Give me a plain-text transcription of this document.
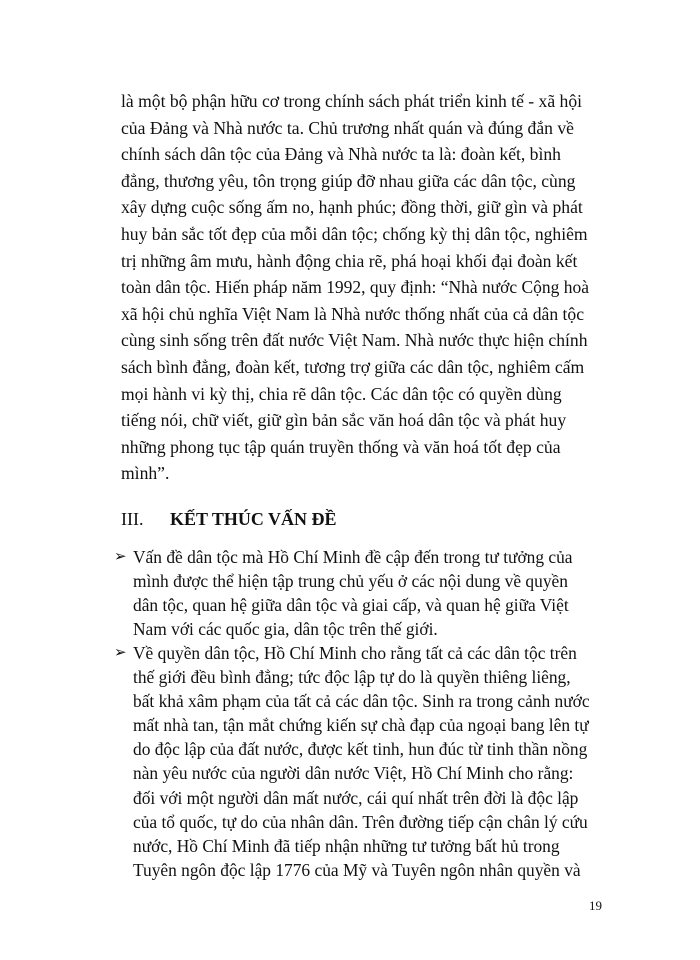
là một bộ phận hữu cơ trong chính sách phát triển kinh tế - xã hội
của Đảng và Nhà nước ta. Chủ trương nhất quán và đúng đắn về
chính sách dân tộc của Đảng và Nhà nước ta là: đoàn kết, bình
đẳng, thương yêu, tôn trọng giúp đỡ nhau giữa các dân tộc, cùng
xây dựng cuộc sống ấm no, hạnh phúc; đồng thời, giữ gìn và phát
huy bản sắc tốt đẹp của mỗi dân tộc; chống kỳ thị dân tộc, nghiêm
trị những âm mưu, hành động chia rẽ, phá hoại khối đại đoàn kết
toàn dân tộc. Hiến pháp năm 1992, quy định: “Nhà nước Cộng hoà
xã hội chủ nghĩa Việt Nam là Nhà nước thống nhất của cả dân tộc
cùng sinh sống trên đất nước Việt Nam. Nhà nước thực hiện chính
sách bình đẳng, đoàn kết, tương trợ giữa các dân tộc, nghiêm cấm
mọi hành vi kỳ thị, chia rẽ dân tộc. Các dân tộc có quyền dùng
tiếng nói, chữ viết, giữ gìn bản sắc văn hoá dân tộc và phát huy
những phong tục tập quán truyền thống và văn hoá tốt đẹp của
mình”.
III. KẾT THÚC VẤN ĐỀ
➢ Vấn đề dân tộc mà Hồ Chí Minh đề cập đến trong tư tưởng của
mình được thể hiện tập trung chủ yếu ở các nội dung về quyền
dân tộc, quan hệ giữa dân tộc và giai cấp, và quan hệ giữa Việt
Nam với các quốc gia, dân tộc trên thế giới.
➢ Về quyền dân tộc, Hồ Chí Minh cho rằng tất cả các dân tộc trên
thế giới đều bình đẳng; tức độc lập tự do là quyền thiêng liêng,
bất khả xâm phạm của tất cả các dân tộc. Sinh ra trong cảnh nước
mất nhà tan, tận mắt chứng kiến sự chà đạp của ngoại bang lên tự
do độc lập của đất nước, được kết tinh, hun đúc từ tinh thần nồng
nàn yêu nước của người dân nước Việt, Hồ Chí Minh cho rằng:
đối với một người dân mất nước, cái quí nhất trên đời là độc lập
của tổ quốc, tự do của nhân dân. Trên đường tiếp cận chân lý cứu
nước, Hồ Chí Minh đã tiếp nhận những tư tưởng bất hủ trong
Tuyên ngôn độc lập 1776 của Mỹ và Tuyên ngôn nhân quyền và
19
